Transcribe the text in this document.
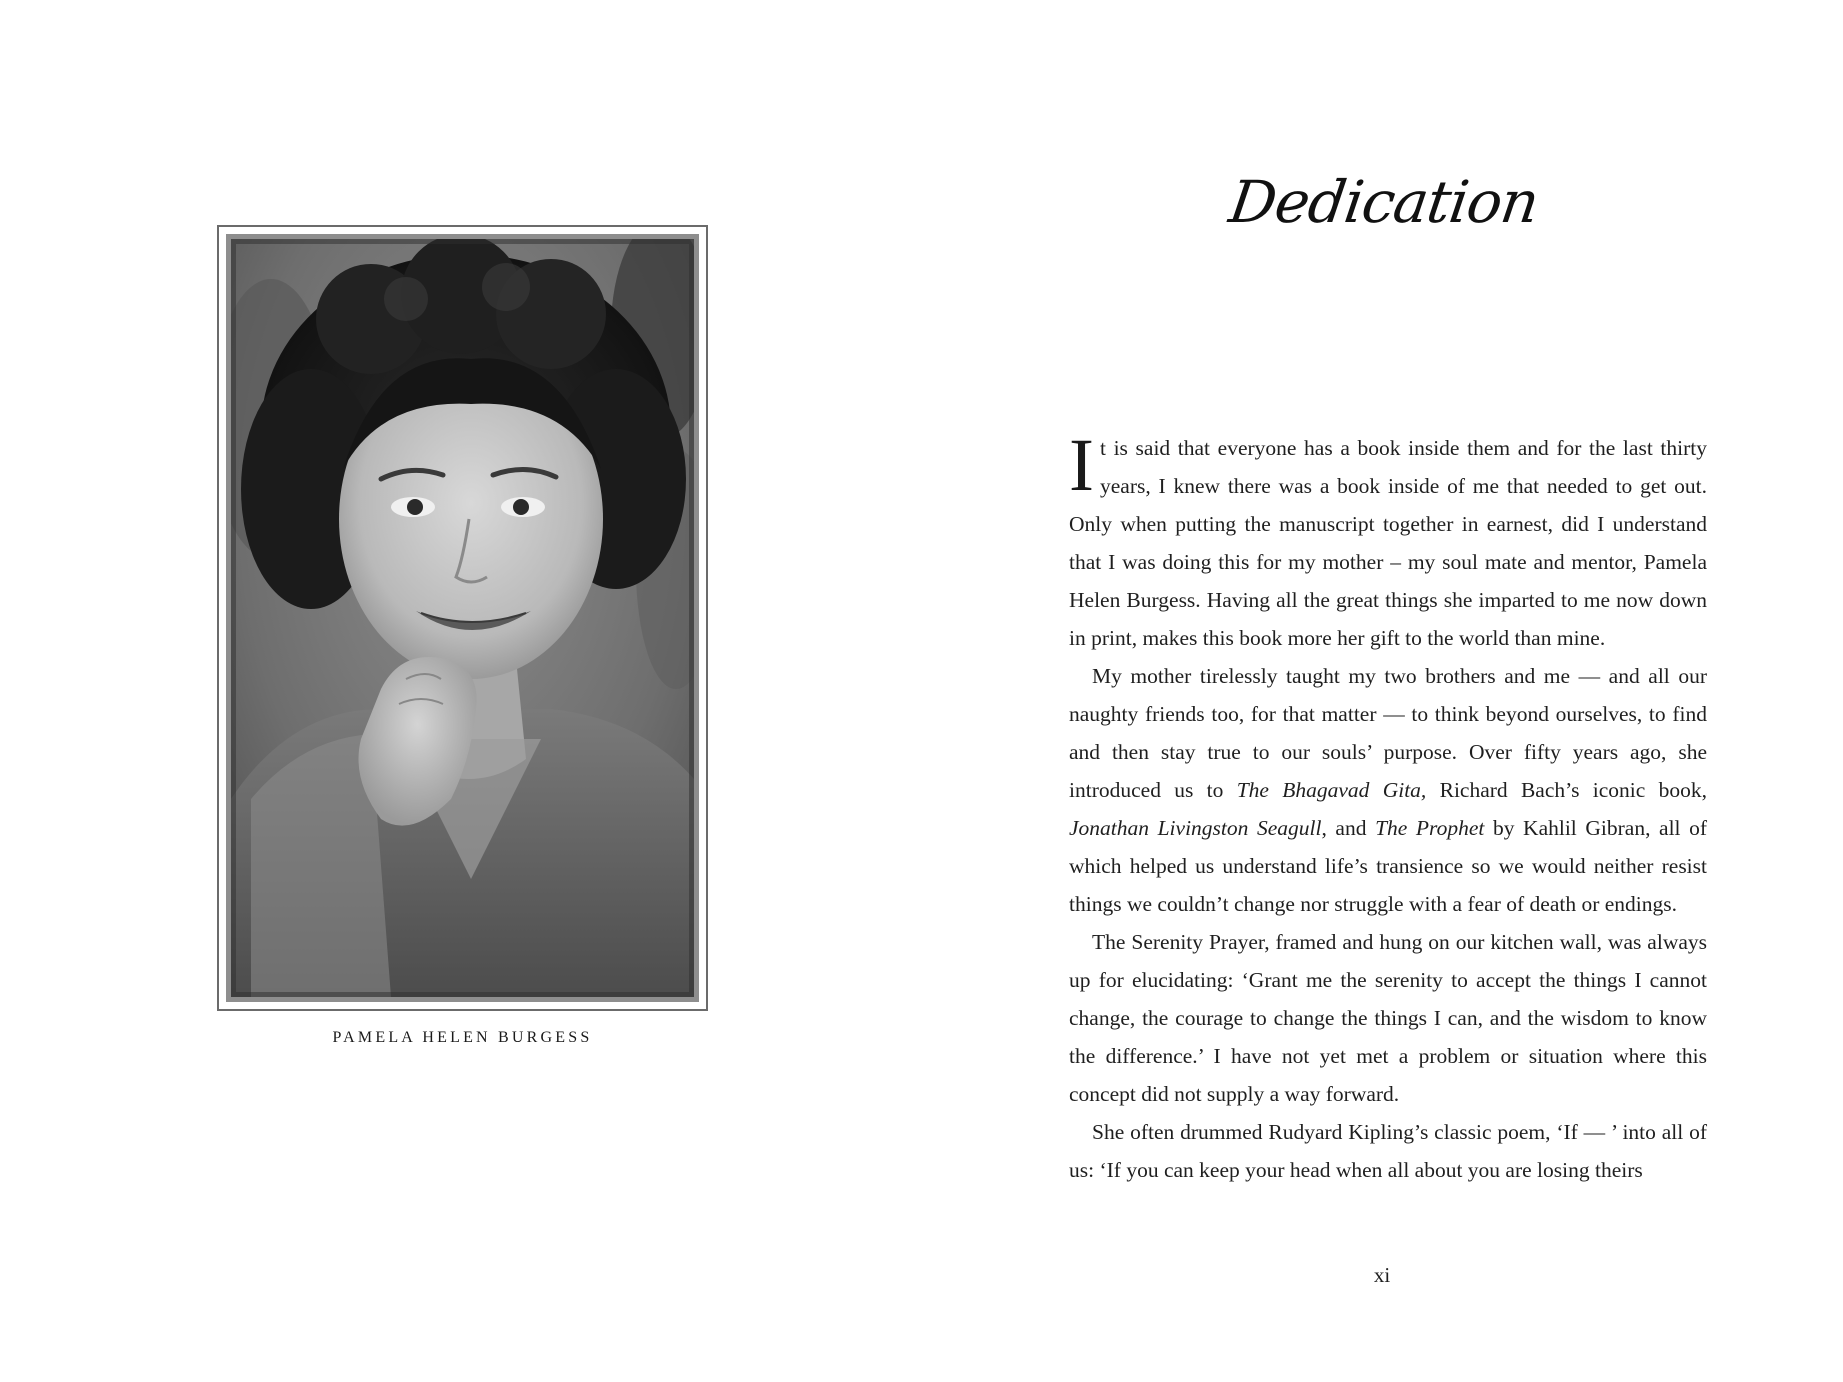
PAMELA HELEN BURGESS
Dedication

It is said that everyone has a book inside them and for the last thirty years, I knew there was a book inside of me that needed to get out. Only when putting the manuscript together in earnest, did I understand that I was doing this for my mother – my soul mate and mentor, Pamela Helen Burgess. Having all the great things she imparted to me now down in print, makes this book more her gift to the world than mine.

My mother tirelessly taught my two brothers and me — and all our naughty friends too, for that matter — to think beyond ourselves, to find and then stay true to our souls’ purpose. Over fifty years ago, she introduced us to The Bhagavad Gita, Richard Bach’s iconic book, Jonathan Livingston Seagull, and The Prophet by Kahlil Gibran, all of which helped us understand life’s transience so we would neither resist things we couldn’t change nor struggle with a fear of death or endings.

The Serenity Prayer, framed and hung on our kitchen wall, was always up for elucidating: ‘Grant me the serenity to accept the things I cannot change, the courage to change the things I can, and the wisdom to know the difference.’ I have not yet met a problem or situation where this concept did not supply a way forward.

She often drummed Rudyard Kipling’s classic poem, ‘If — ’ into all of us: ‘If you can keep your head when all about you are losing theirs

xi
